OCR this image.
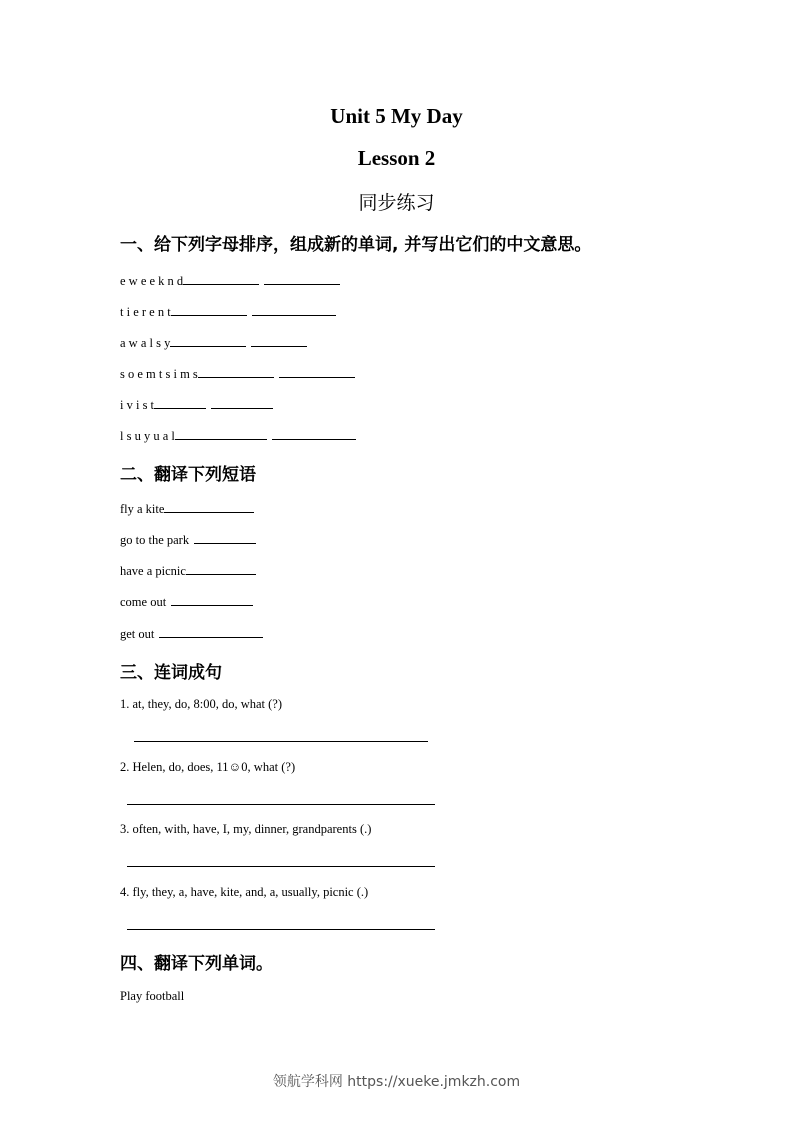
Unit 5 My Day
Lesson 2
同步练习
一、给下列字母排序，组成新的单词, 并写出它们的中文意思。
e w e e k n d
t i e r e n t
a w a l s y
s o e m t s i m s
i v i s t
l s u y u a l
二、翻译下列短语
fly a kite
go to the park
have a picnic
come out
get out
三、连词成句
1. at, they, do, 8:00, do, what (?)
2. Helen, do, does, 11☺0, what (?)
3. often, with, have, I, my, dinner, grandparents (.)
4. fly, they, a, have, kite, and, a, usually, picnic (.)
四、翻译下列单词。
Play football
领航学科网 https://xueke.jmkzh.com
